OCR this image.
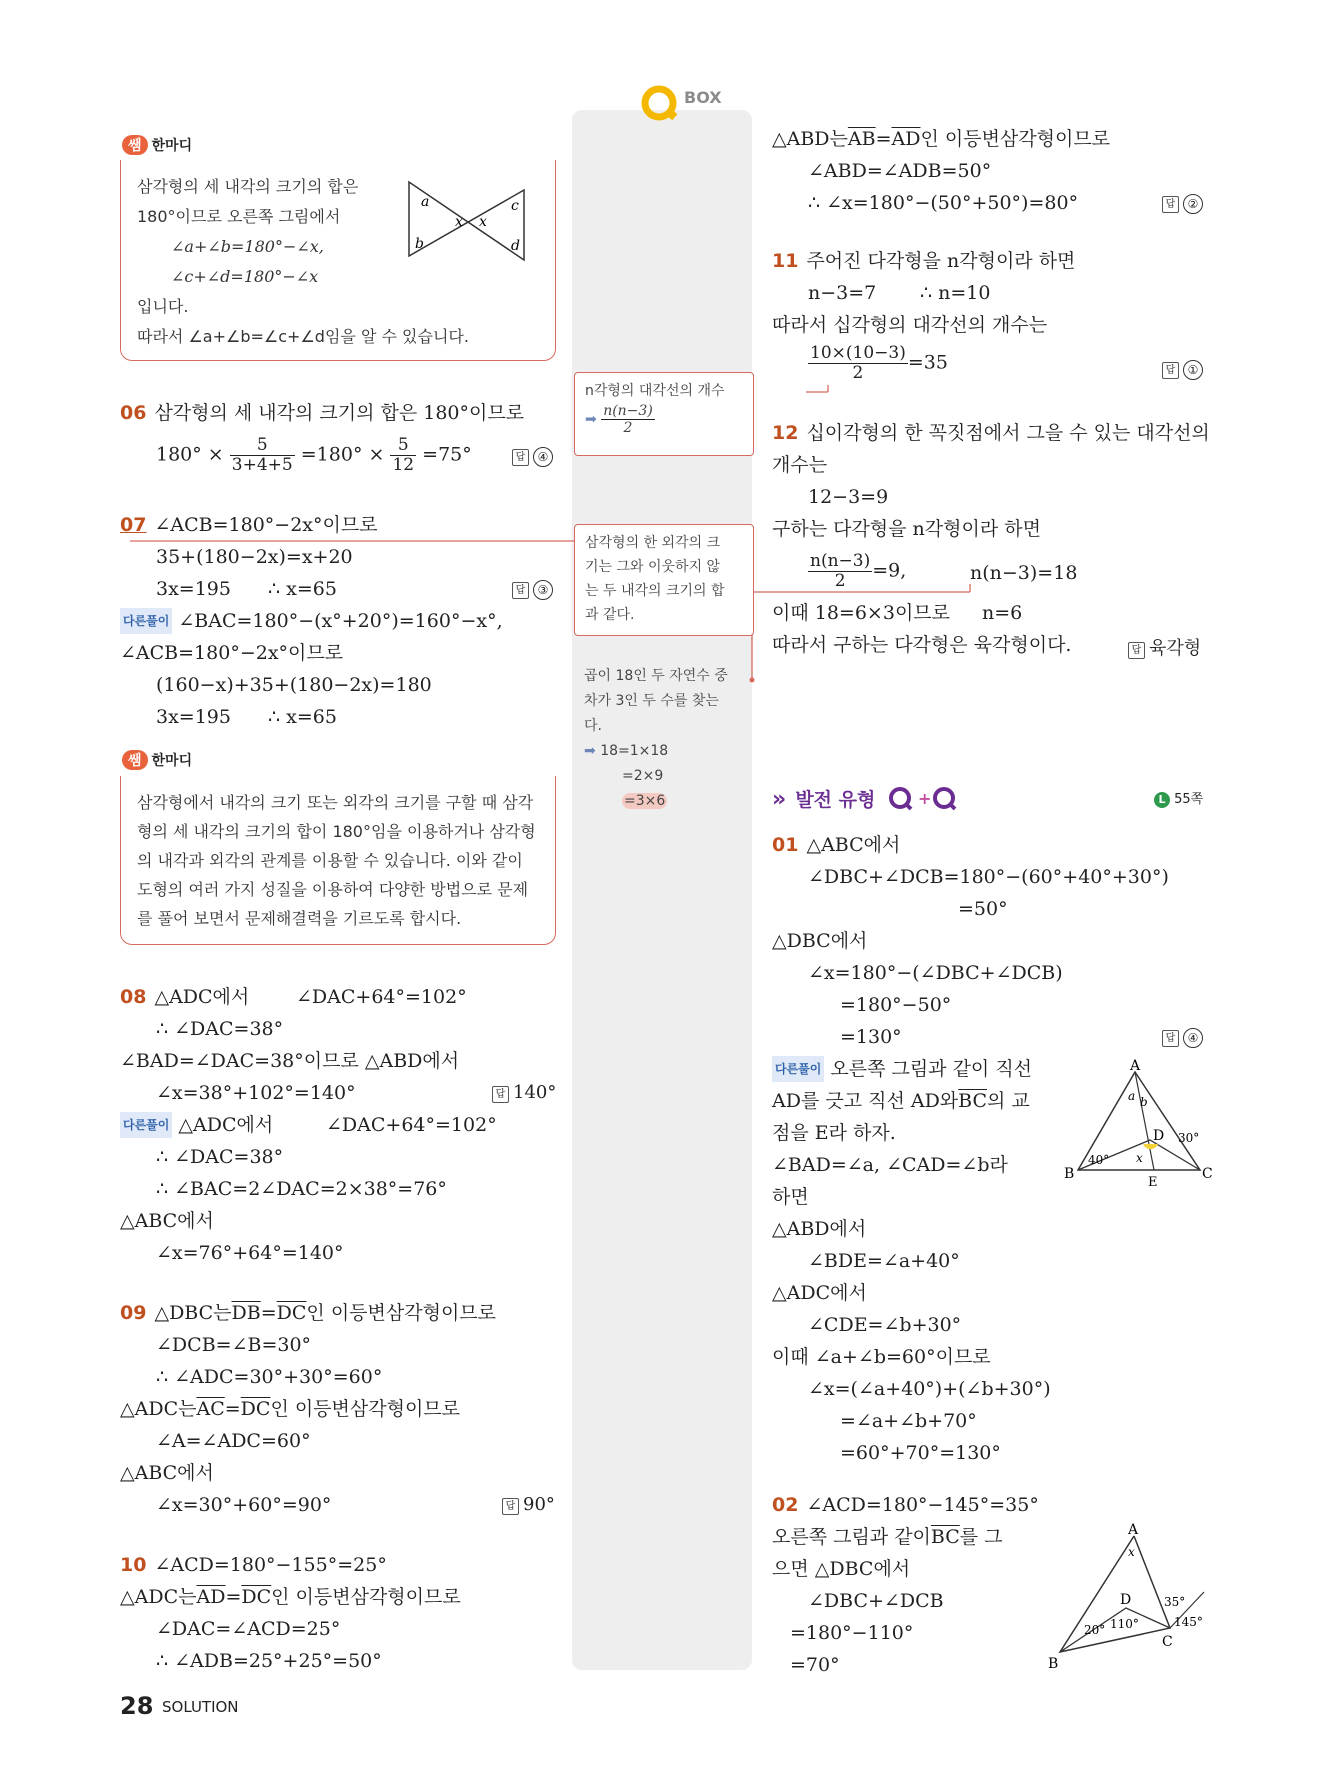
BOX
쌤 한마디
삼각형의 세 내각의 크기의 합은
180°이므로 오른쪽 그림에서
∠a+∠b=180°−∠x,
∠c+∠d=180°−∠x
입니다.
따라서 ∠a+∠b=∠c+∠d임을 알 수 있습니다.
a
b
x x
c
d
06 삼각형의 세 내각의 크기의 합은 180°이므로
$180^\circ \times \frac{5}{3+4+5} =180^\circ \times \frac{5}{12} =75^\circ$	답 ④
07 ∠ACB=180°−2x°이므로
35+(180−2x)=x+20
3x=195 ∴ x=65	답 ③
다른풀이 ∠BAC=180°−(x°+20°)=160°−x°,
∠ACB=180°−2x°이므로
(160−x)+35+(180−2x)=180
3x=195 ∴ x=65
쌤 한마디
삼각형에서 내각의 크기 또는 외각의 크기를 구할 때 삼각
형의 세 내각의 크기의 합이 180°임을 이용하거나 삼각형
의 내각과 외각의 관계를 이용할 수 있습니다. 이와 같이
도형의 여러 가지 성질을 이용하여 다양한 방법으로 문제
를 풀어 보면서 문제해결력을 기르도록 합시다.
08 △ADC에서 ∠DAC+64°=102°
∴ ∠DAC=38°
∠BAD=∠DAC=38°이므로 △ABD에서
∠x=38°+102°=140°	답 140°
다른풀이 △ADC에서	∠DAC+64°=102°
∴ ∠DAC=38°
∴ ∠BAC=2∠DAC=2×38°=76°
△ABC에서
∠x=76°+64°=140°
09 △DBC는$\overline{DB}=\overline{DC}$인 이등변삼각형이므로
∠DCB=∠B=30°
∴ ∠ADC=30°+30°=60°
△ADC는$\overline{AC}=\overline{DC}$인 이등변삼각형이므로
∠A=∠ADC=60°
△ABC에서
∠x=30°+60°=90°	답 90°
10 ∠ACD=180°−155°=25°
△ADC는$\overline{AD}=\overline{DC}$인 이등변삼각형이므로
∠DAC=∠ACD=25°
∴ ∠ADB=25°+25°=50°
n각형의 대각선의 개수
➡ $\frac{n(n-3)}{2}$
삼각형의 한 외각의 크
기는 그와 이웃하지 않
는 두 내각의 크기의 합
과 같다.
곱이 18인 두 자연수 중
차가 3인 두 수를 찾는
다.
➡ 18=1×18
=2×9
=3×6
△ABD는$\overline{AB}=\overline{AD}$인 이등변삼각형이므로
∠ABD=∠ADB=50°
∴ ∠x=180°−(50°+50°)=80°	답 ②
11 주어진 다각형을 n각형이라 하면
n−3=7 ∴ n=10
따라서 십각형의 대각선의 개수는
$\frac{10\times(10-3)}{2} =35$	답 ①
12 십이각형의 한 꼭짓점에서 그을 수 있는 대각선의
개수는
12−3=9
구하는 다각형을 n각형이라 하면
$\frac{n(n-3)}{2} =9$,	n(n−3)=18
이때 18=6×3이므로 n=6
따라서 구하는 다각형은 육각형이다.	답 육각형
» 발전 유형	+	L 55쪽
01 △ABC에서
∠DBC+∠DCB=180°−(60°+40°+30°)
=50°
△DBC에서
∠x=180°−(∠DBC+∠DCB)
=180°−50°
=130°	답 ④
다른풀이 오른쪽 그림과 같이 직선
AD를 긋고 직선 AD와$\overline{BC}$의 교
점을 E라 하자.
∠BAD=∠a, ∠CAD=∠b라
하면
△ABD에서
∠BDE=∠a+40°
△ADC에서
∠CDE=∠b+30°
이때 ∠a+∠b=60°이므로
∠x=(∠a+40°)+(∠b+30°)
=∠a+∠b+70°
=60°+70°=130°
A
B	C
D
E
a b
x
40°
30°
02 ∠ACD=180°−145°=35°
오른쪽 그림과 같이$\overline{BC}$를 그
으면 △DBC에서
∠DBC+∠DCB
=180°−110°
=70°
A
B
C
D
x
20° 110°
35°
145°
28 SOLUTION
